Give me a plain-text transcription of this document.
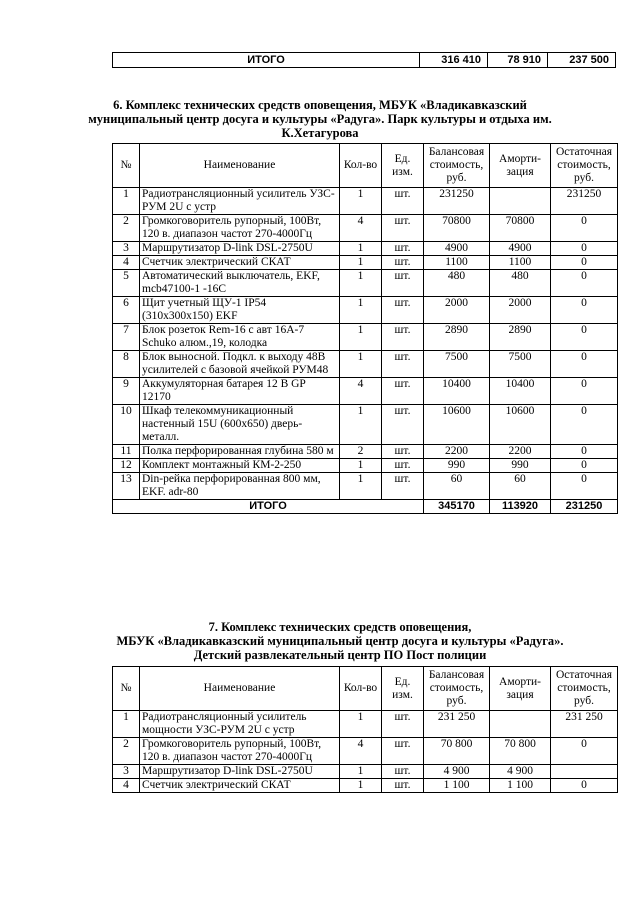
ИТОГО	316 410	78 910	237 500
6. Комплекс технических средств оповещения, МБУК «Владикавказский
муниципальный центр досуга и культуры «Радуга». Парк культуры и отдыха им.
К.Хетагурова
№	Наименование	Кол-во	Ед. изм.	Балансовая стоимость, руб.	Аморти-зация	Остаточная стоимость, руб.
1	Радиотрансляционный усилитель УЗС-РУМ 2U с устр	1	шт.	231250		231250
2	Громкоговоритель рупорный, 100Вт, 120 в. диапазон частот 270-4000Гц	4	шт.	70800	70800	0
3	Маршрутизатор D-link DSL-2750U	1	шт.	4900	4900	0
4	Счетчик электрический СКАТ	1	шт.	1100	1100	0
5	Автоматический выключатель, EKF, mcb47100-1 -16C	1	шт.	480	480	0
6	Щит учетный ЩУ-1 IP54 (310х300х150) EKF	1	шт.	2000	2000	0
7	Блок розеток Rem-16 с авт 16А-7 Schuko алюм.,19, колодка	1	шт.	2890	2890	0
8	Блок выносной. Подкл. к выходу 48В усилителей с базовой ячейкой РУМ48	1	шт.	7500	7500	0
9	Аккумуляторная батарея 12 В GP 12170	4	шт.	10400	10400	0
10	Шкаф телекоммуникационный настенный 15U (600х650) дверь-металл.	1	шт.	10600	10600	0
11	Полка перфорированная глубина 580 м	2	шт.	2200	2200	0
12	Комплект монтажный КМ-2-250	1	шт.	990	990	0
13	Din-рейка перфорированная 800 мм, EKF. adr-80	1	шт.	60	60	0
ИТОГО				345170	113920	231250
7. Комплекс технических средств оповещения,
МБУК «Владикавказский муниципальный центр досуга и культуры «Радуга».
Детский развлекательный центр ПО Пост полиции
№	Наименование	Кол-во	Ед. изм.	Балансовая стоимость, руб.	Аморти-зация	Остаточная стоимость, руб.
1	Радиотрансляционный усилитель мощности УЗС-РУМ 2U с устр	1	шт.	231 250		231 250
2	Громкоговоритель рупорный, 100Вт, 120 в. диапазон частот 270-4000Гц	4	шт.	70 800	70 800	0
3	Маршрутизатор D-link DSL-2750U	1	шт.	4 900	4 900	
4	Счетчик электрический СКАТ	1	шт.	1 100	1 100	0
